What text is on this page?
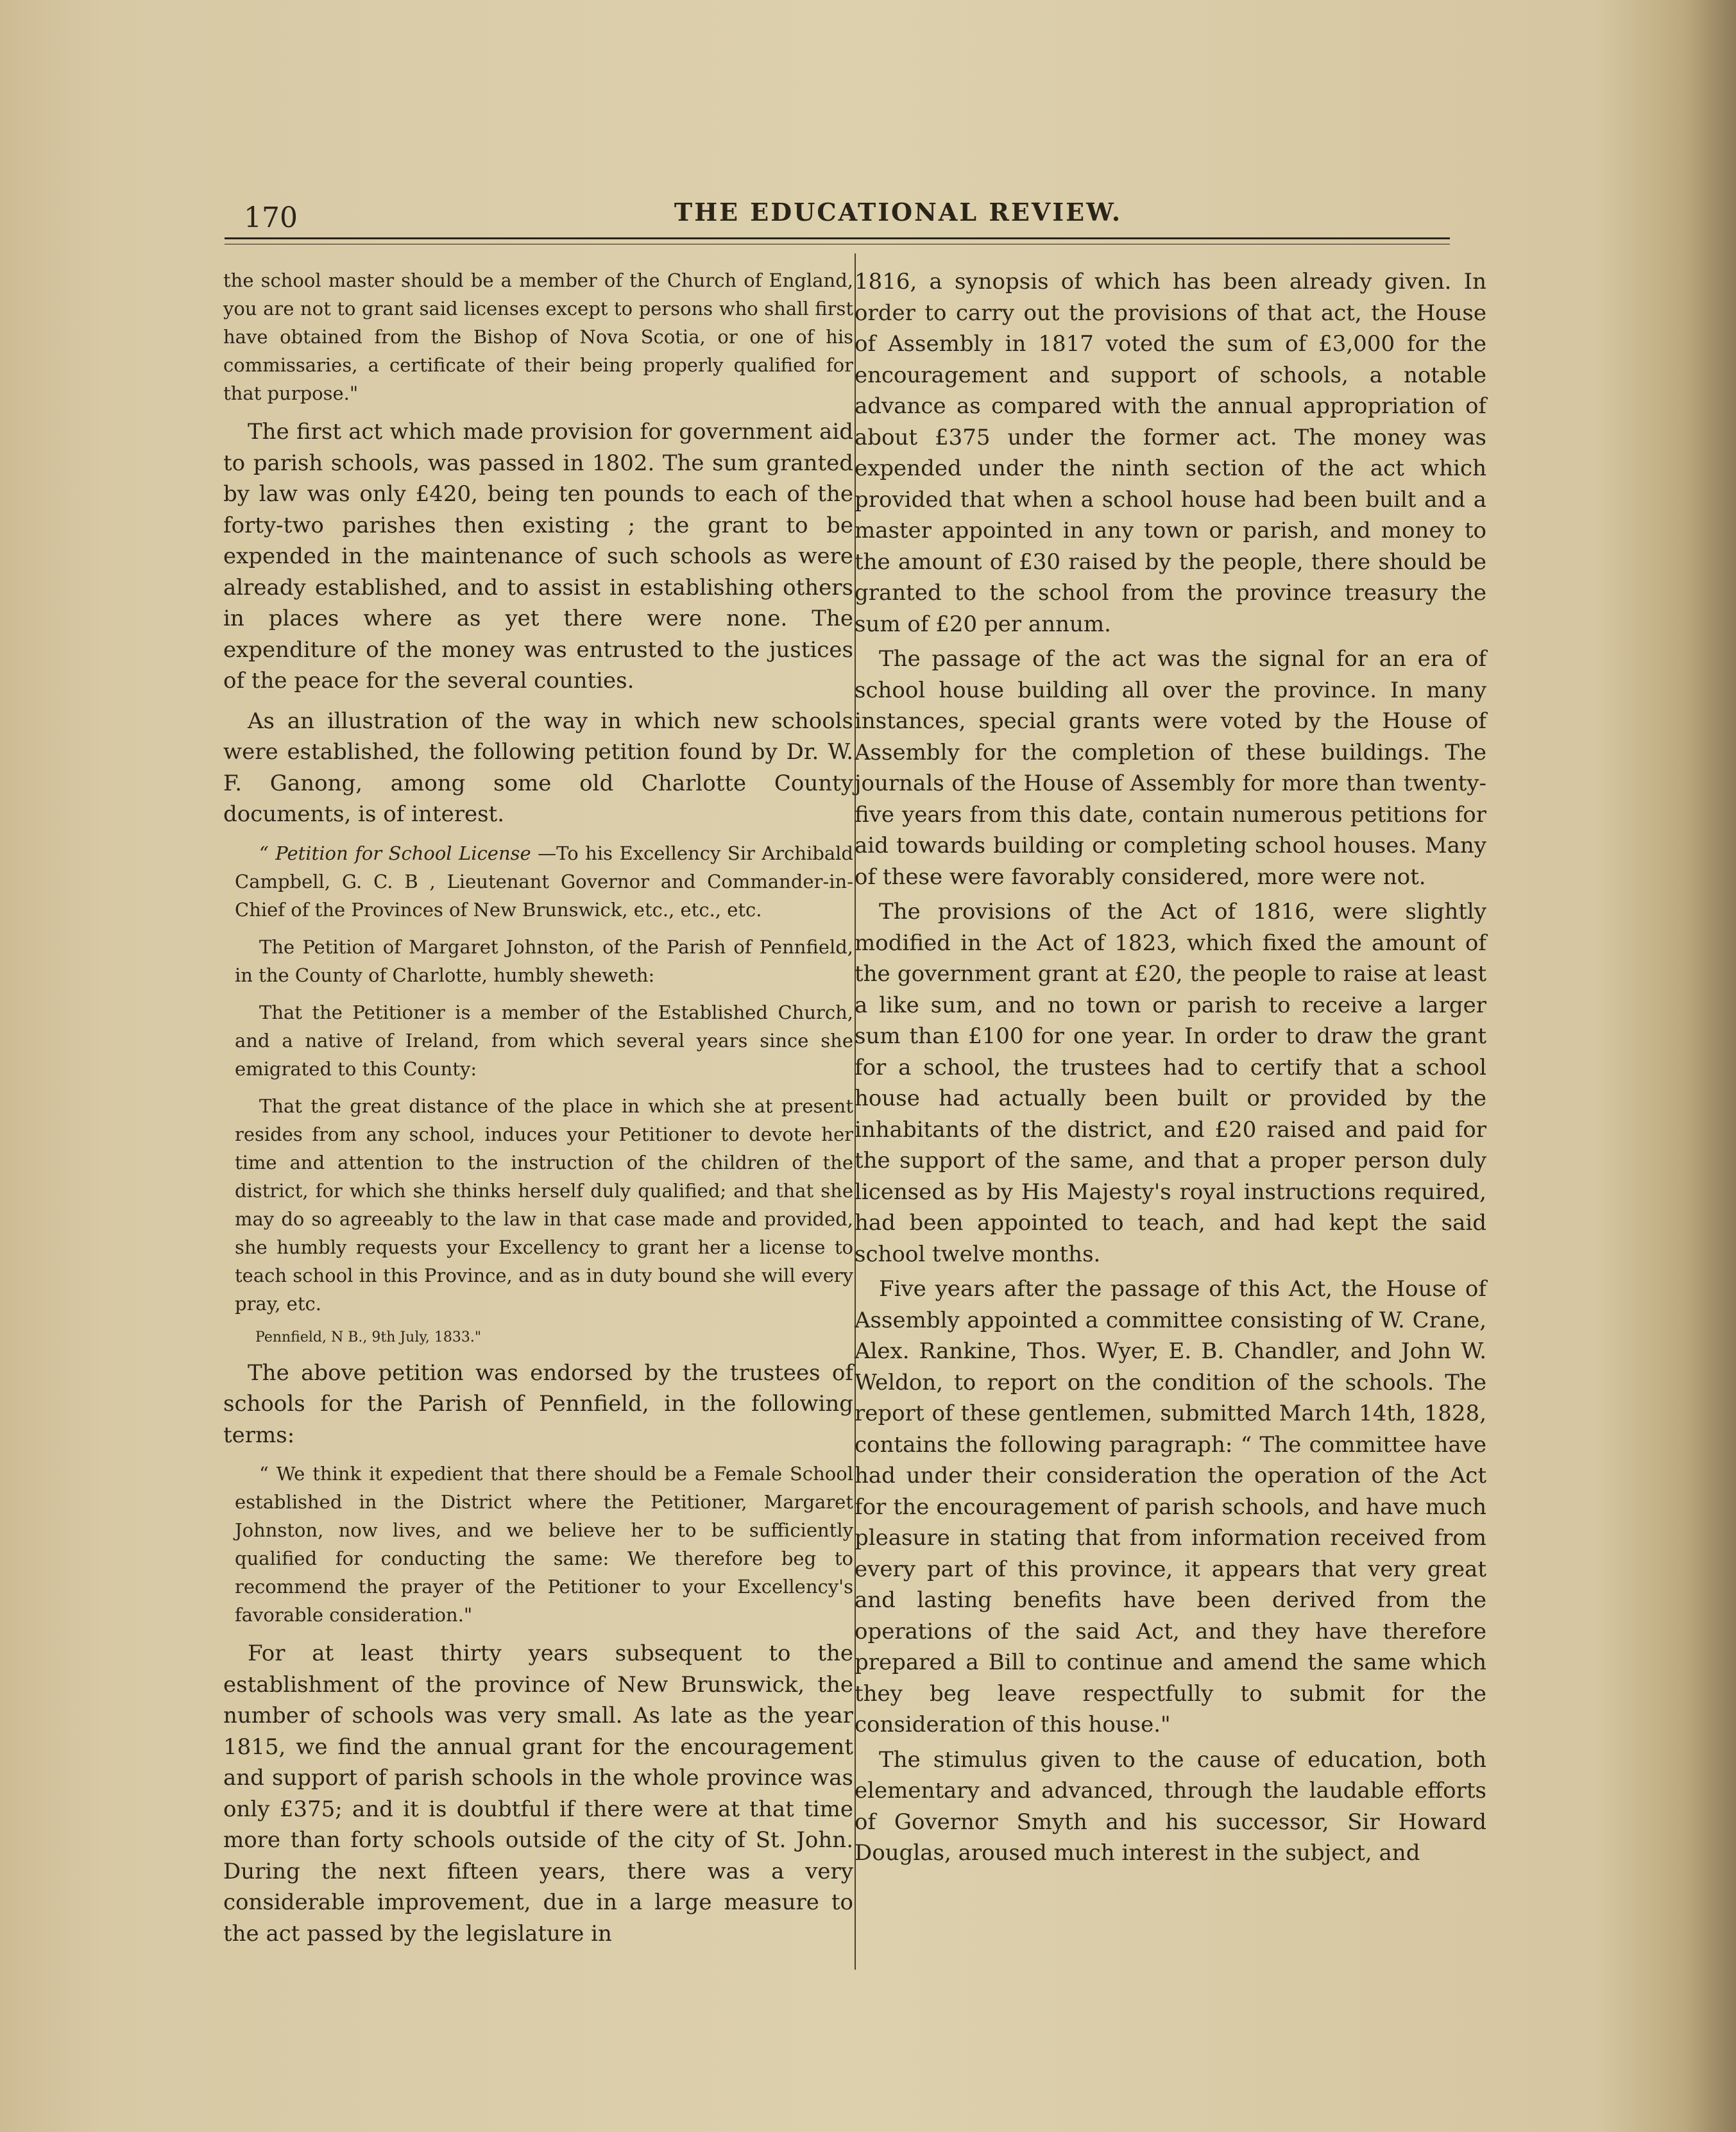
170	THE EDUCATIONAL REVIEW.

the school master should be a member of the Church of England, you are not to grant said licenses except to persons who shall first have obtained from the Bishop of Nova Scotia, or one of his commissaries, a certificate of their being properly qualified for that purpose."

The first act which made provision for government aid to parish schools, was passed in 1802. The sum granted by law was only £420, being ten pounds to each of the forty-two parishes then existing ; the grant to be expended in the maintenance of such schools as were already established, and to assist in establishing others in places where as yet there were none. The expenditure of the money was entrusted to the justices of the peace for the several counties.

As an illustration of the way in which new schools were established, the following petition found by Dr. W. F. Ganong, among some old Charlotte County documents, is of interest.

“ Petition for School License —To his Excellency Sir Archibald Campbell, G. C. B , Lieutenant Governor and Commander-in-Chief of the Provinces of New Brunswick, etc., etc., etc.

The Petition of Margaret Johnston, of the Parish of Pennfield, in the County of Charlotte, humbly sheweth:

That the Petitioner is a member of the Established Church, and a native of Ireland, from which several years since she emigrated to this County:

That the great distance of the place in which she at present resides from any school, induces your Petitioner to devote her time and attention to the instruction of the children of the district, for which she thinks herself duly qualified; and that she may do so agreeably to the law in that case made and provided, she humbly requests your Excellency to grant her a license to teach school in this Province, and as in duty bound she will every pray, etc.

Pennfield, N B., 9th July, 1833."

The above petition was endorsed by the trustees of schools for the Parish of Pennfield, in the following terms:

“ We think it expedient that there should be a Female School established in the District where the Petitioner, Margaret Johnston, now lives, and we believe her to be sufficiently qualified for conducting the same: We therefore beg to recommend the prayer of the Petitioner to your Excellency's favorable consideration."

For at least thirty years subsequent to the establishment of the province of New Brunswick, the number of schools was very small. As late as the year 1815, we find the annual grant for the encouragement and support of parish schools in the whole province was only £375; and it is doubtful if there were at that time more than forty schools outside of the city of St. John. During the next fifteen years, there was a very considerable improvement, due in a large measure to the act passed by the legislature in

1816, a synopsis of which has been already given. In order to carry out the provisions of that act, the House of Assembly in 1817 voted the sum of £3,000 for the encouragement and support of schools, a notable advance as compared with the annual appropriation of about £375 under the former act. The money was expended under the ninth section of the act which provided that when a school house had been built and a master appointed in any town or parish, and money to the amount of £30 raised by the people, there should be granted to the school from the province treasury the sum of £20 per annum.

The passage of the act was the signal for an era of school house building all over the province. In many instances, special grants were voted by the House of Assembly for the completion of these buildings. The journals of the House of Assembly for more than twenty-five years from this date, contain numerous petitions for aid towards building or completing school houses. Many of these were favorably considered, more were not.

The provisions of the Act of 1816, were slightly modified in the Act of 1823, which fixed the amount of the government grant at £20, the people to raise at least a like sum, and no town or parish to receive a larger sum than £100 for one year. In order to draw the grant for a school, the trustees had to certify that a school house had actually been built or provided by the inhabitants of the district, and £20 raised and paid for the support of the same, and that a proper person duly licensed as by His Majesty's royal instructions required, had been appointed to teach, and had kept the said school twelve months.

Five years after the passage of this Act, the House of Assembly appointed a committee consisting of W. Crane, Alex. Rankine, Thos. Wyer, E. B. Chandler, and John W. Weldon, to report on the condition of the schools. The report of these gentlemen, submitted March 14th, 1828, contains the following paragraph: “ The committee have had under their consideration the operation of the Act for the encouragement of parish schools, and have much pleasure in stating that from information received from every part of this province, it appears that very great and lasting benefits have been derived from the operations of the said Act, and they have therefore prepared a Bill to continue and amend the same which they beg leave respectfully to submit for the consideration of this house."

The stimulus given to the cause of education, both elementary and advanced, through the laudable efforts of Governor Smyth and his successor, Sir Howard Douglas, aroused much interest in the subject, and
